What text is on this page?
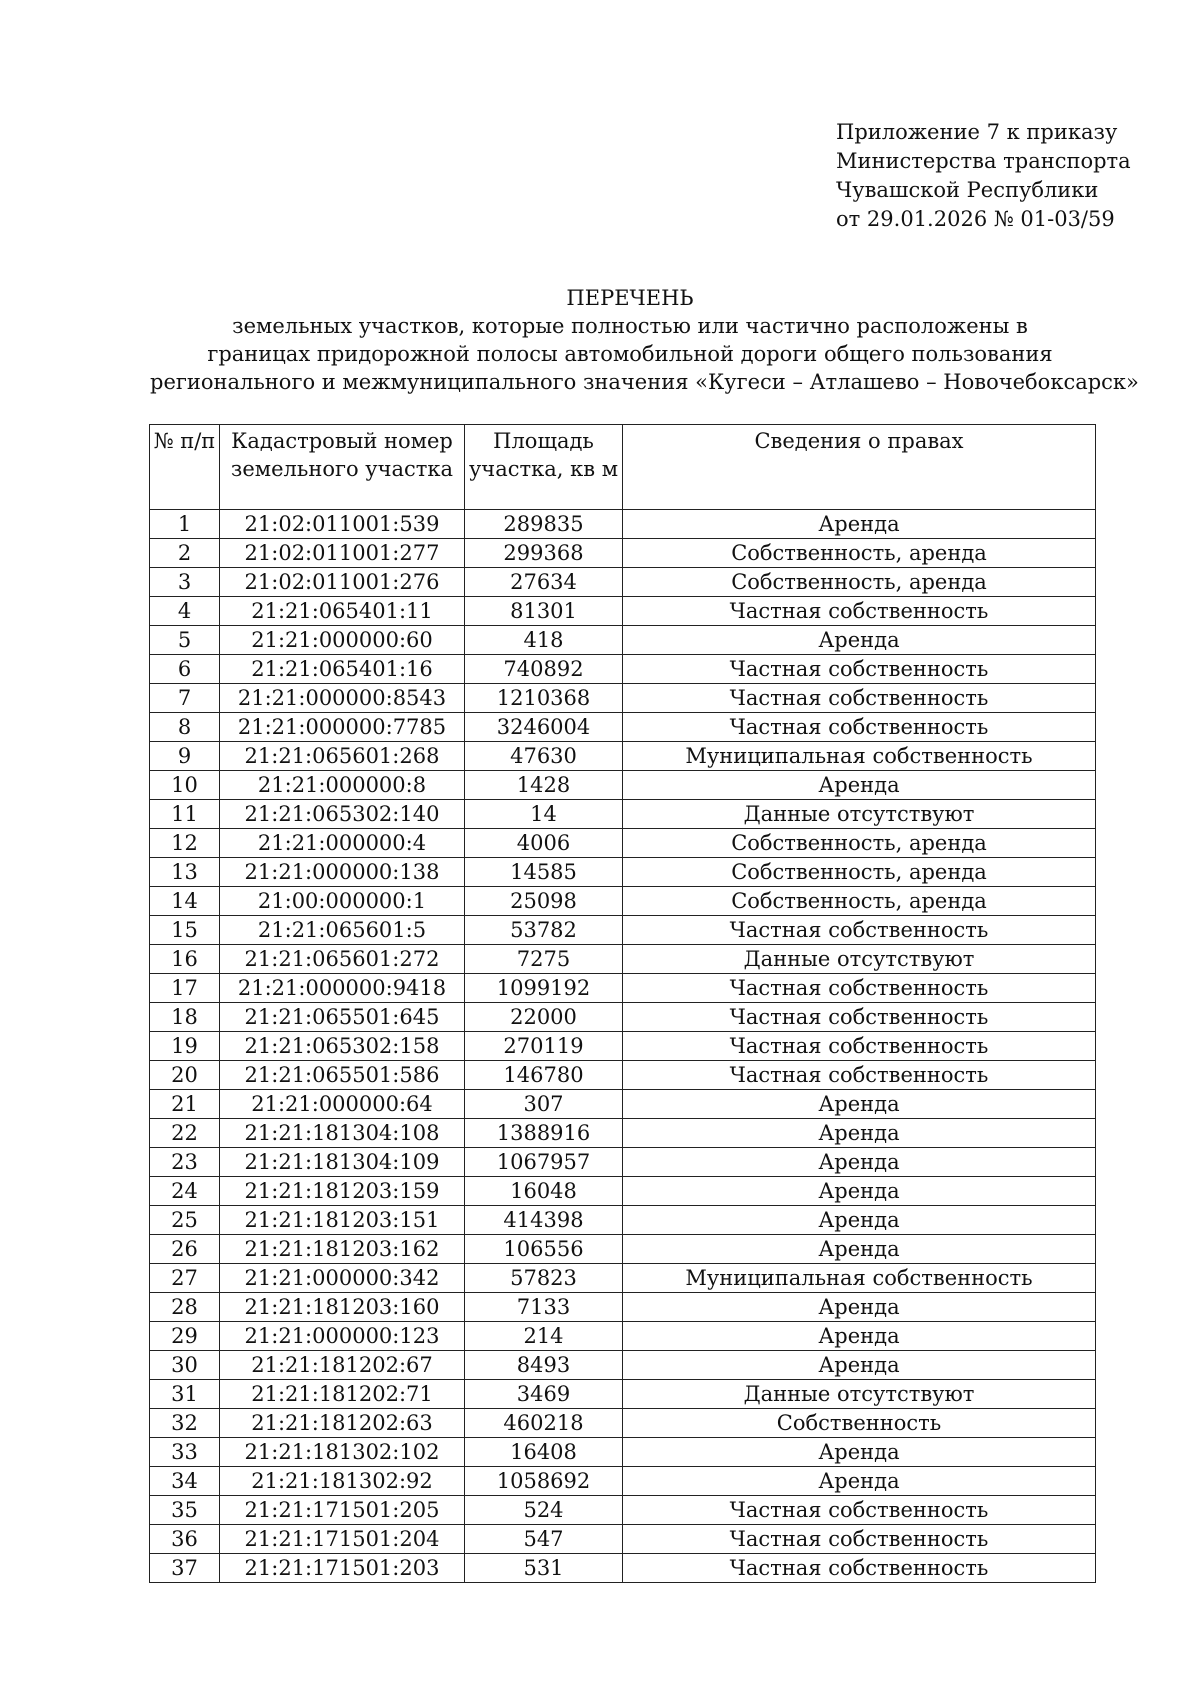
Приложение 7 к приказу
Министерства транспорта
Чувашской Республики
от 29.01.2026 № 01-03/59
ПЕРЕЧЕНЬ
земельных участков, которые полностью или частично расположены в
границах придорожной полосы автомобильной дороги общего пользования
регионального и межмуниципального значения «Кугеси – Атлашево – Новочебоксарск»
№ п/п	Кадастровый номер земельного участка	Площадь участка, кв м	Сведения о правах
1	21:02:011001:539	289835	Аренда
2	21:02:011001:277	299368	Собственность, аренда
3	21:02:011001:276	27634	Собственность, аренда
4	21:21:065401:11	81301	Частная собственность
5	21:21:000000:60	418	Аренда
6	21:21:065401:16	740892	Частная собственность
7	21:21:000000:8543	1210368	Частная собственность
8	21:21:000000:7785	3246004	Частная собственность
9	21:21:065601:268	47630	Муниципальная собственность
10	21:21:000000:8	1428	Аренда
11	21:21:065302:140	14	Данные отсутствуют
12	21:21:000000:4	4006	Собственность, аренда
13	21:21:000000:138	14585	Собственность, аренда
14	21:00:000000:1	25098	Собственность, аренда
15	21:21:065601:5	53782	Частная собственность
16	21:21:065601:272	7275	Данные отсутствуют
17	21:21:000000:9418	1099192	Частная собственность
18	21:21:065501:645	22000	Частная собственность
19	21:21:065302:158	270119	Частная собственность
20	21:21:065501:586	146780	Частная собственность
21	21:21:000000:64	307	Аренда
22	21:21:181304:108	1388916	Аренда
23	21:21:181304:109	1067957	Аренда
24	21:21:181203:159	16048	Аренда
25	21:21:181203:151	414398	Аренда
26	21:21:181203:162	106556	Аренда
27	21:21:000000:342	57823	Муниципальная собственность
28	21:21:181203:160	7133	Аренда
29	21:21:000000:123	214	Аренда
30	21:21:181202:67	8493	Аренда
31	21:21:181202:71	3469	Данные отсутствуют
32	21:21:181202:63	460218	Собственность
33	21:21:181302:102	16408	Аренда
34	21:21:181302:92	1058692	Аренда
35	21:21:171501:205	524	Частная собственность
36	21:21:171501:204	547	Частная собственность
37	21:21:171501:203	531	Частная собственность
